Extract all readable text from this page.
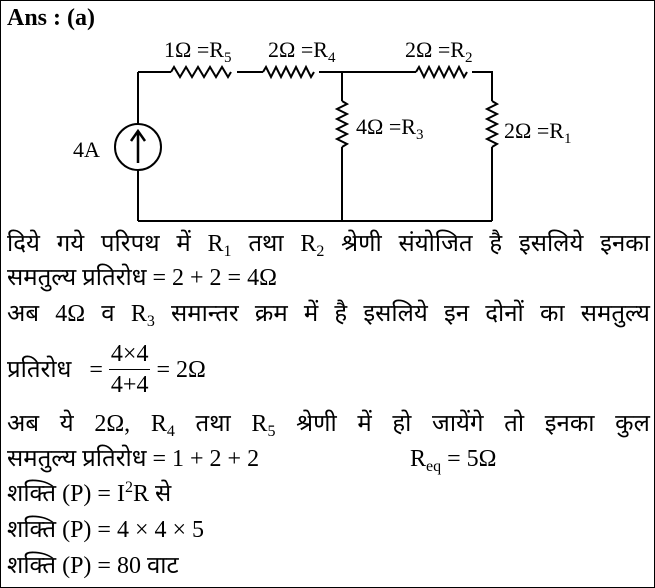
Ans : (a)
4A
$1\Omega =R_5$ $2\Omega =R_4$	$2\Omega =R_2$
$4\Omega =R_3$	$2\Omega =R_1$
दिये गये परिपथ में $R_1$ तथा $R_2$ श्रेणी संयोजित है इसलिये इनका
समतुल्य प्रतिरोध = 2 + 2 = 4Ω
अब 4Ω व $R_3$ समान्तर क्रम में है इसलिये इन दोनों का समतुल्य
प्रतिरोध = $\frac{4\times 4}{4+4} = 2\Omega$
अब ये 2Ω, $R_4$ तथा $R_5$ श्रेणी में हो जायेंगे तो इनका कुल
समतुल्य प्रतिरोध = 1 + 2 + 2	$R_{eq} = 5\Omega$
शक्ति $(P) = I^2R$ से
शक्ति (P) = 4 × 4 × 5
शक्ति (P) = 80 वाट
